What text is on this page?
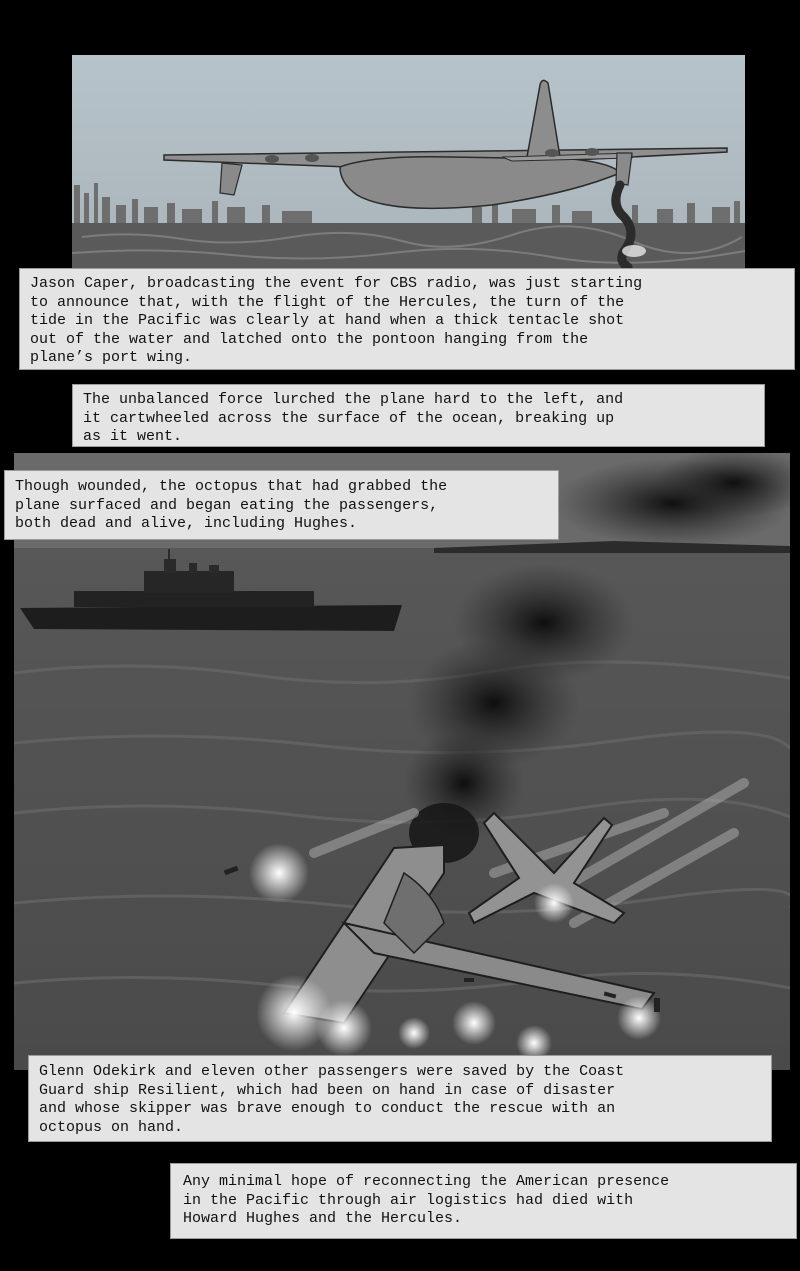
Jason Caper, broadcasting the event for CBS radio, was just starting
to announce that, with the flight of the Hercules, the turn of the
tide in the Pacific was clearly at hand when a thick tentacle shot
out of the water and latched onto the pontoon hanging from the
plane’s port wing.
The unbalanced force lurched the plane hard to the left, and
it cartwheeled across the surface of the ocean, breaking up
as it went.
Though wounded, the octopus that had grabbed the
plane surfaced and began eating the passengers,
both dead and alive, including Hughes.
Glenn Odekirk and eleven other passengers were saved by the Coast
Guard ship Resilient, which had been on hand in case of disaster
and whose skipper was brave enough to conduct the rescue with an
octopus on hand.
Any minimal hope of reconnecting the American presence
in the Pacific through air logistics had died with
Howard Hughes and the Hercules.
